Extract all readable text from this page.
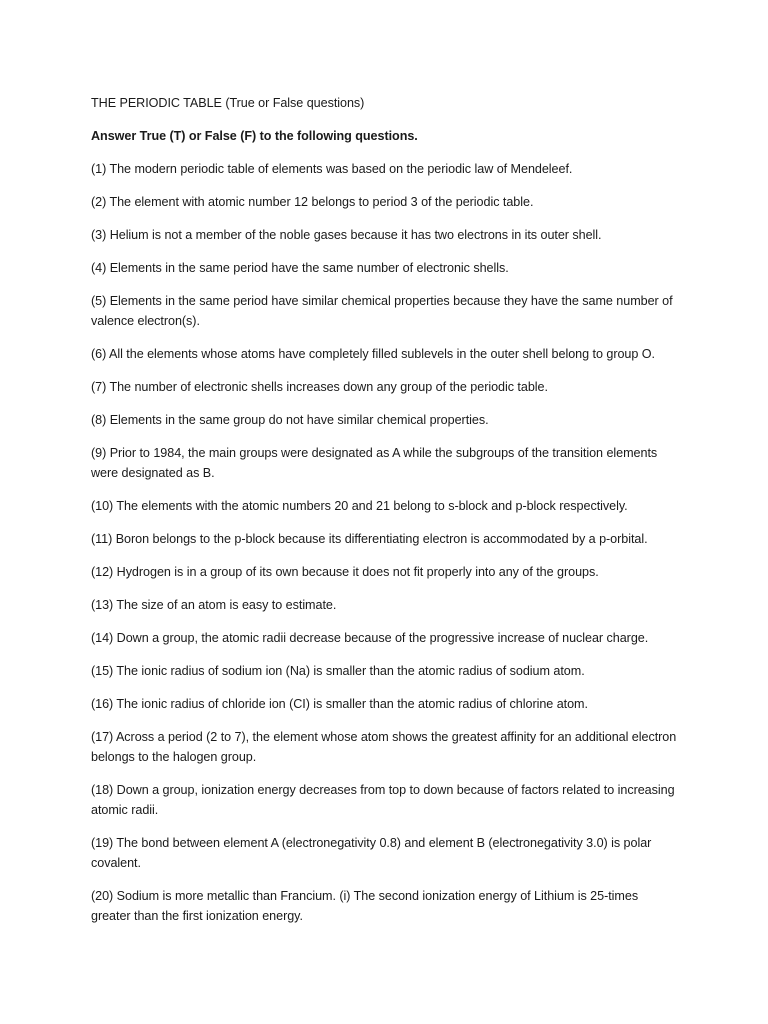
THE PERIODIC TABLE (True or False questions)

Answer True (T) or False (F) to the following questions.

(1) The modern periodic table of elements was based on the periodic law of Mendeleef.

(2) The element with atomic number 12 belongs to period 3 of the periodic table.

(3) Helium is not a member of the noble gases because it has two electrons in its outer shell.

(4) Elements in the same period have the same number of electronic shells.

(5) Elements in the same period have similar chemical properties because they have the same number of valence electron(s).

(6) All the elements whose atoms have completely filled sublevels in the outer shell belong to group O.

(7) The number of electronic shells increases down any group of the periodic table.

(8) Elements in the same group do not have similar chemical properties.

(9) Prior to 1984, the main groups were designated as A while the subgroups of the transition elements were designated as B.

(10) The elements with the atomic numbers 20 and 21 belong to s-block and p-block respectively.

(11) Boron belongs to the p-block because its differentiating electron is accommodated by a p-orbital.

(12) Hydrogen is in a group of its own because it does not fit properly into any of the groups.

(13) The size of an atom is easy to estimate.

(14) Down a group, the atomic radii decrease because of the progressive increase of nuclear charge.

(15) The ionic radius of sodium ion (Na) is smaller than the atomic radius of sodium atom.

(16) The ionic radius of chloride ion (CI) is smaller than the atomic radius of chlorine atom.

(17) Across a period (2 to 7), the element whose atom shows the greatest affinity for an additional electron belongs to the halogen group.

(18) Down a group, ionization energy decreases from top to down because of factors related to increasing atomic radii.

(19) The bond between element A (electronegativity 0.8) and element B (electronegativity 3.0) is polar covalent.

(20) Sodium is more metallic than Francium. (i) The second ionization energy of Lithium is 25-times greater than the first ionization energy.
